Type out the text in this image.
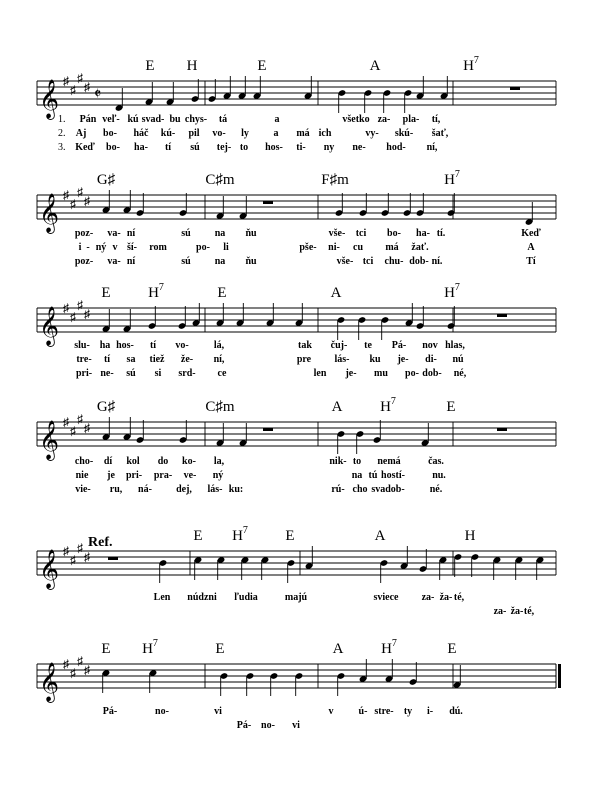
𝄞 ♯
♯
♯
♯ 𝄵
E H	E	A	$H^7$
1.
2.
3.
Pán veľ- kú svad- bu chys- tá	a	všetko za- pla- tí,
Aj bo- háč kú- pil vo- ly a má ich	vy- skú- šať,
Keď bo- ha- tí sú tej- to hos- ti- ny ne- hod- ní,
𝄞 ♯
♯
♯
♯
G♯	C♯m	F♯m	$H^7$
poz- va- ní	sú na ňu	vše- tci bo- ha- tí.	Keď
i - ný v ší- rom	po- li	pše- ni- cu má žať.	A
poz- va- ní	sú na ňu	vše- tci chu- dob- ní.	Tí
𝄞 ♯
♯
♯
♯
E $H^7$	E	A	$H^7$
slu- ha hos- tí vo-	lá,	tak čuj- te Pá- nov hlas,
tre- tí sa tiež že- ní,	pre lás- ku je- di- nú
pri- ne- sú si srd- ce	len je- mu po- dob- né,
𝄞 ♯
♯
♯
♯
G♯	C♯m	A	$H^7$	E
cho- dí kol do ko- la,	nik- to nemá	čas.
nie je pri- pra- ve- ný	na tú hostí-	nu.
vie- ru, ná- dej, lás- ku:	rú- cho svadob-	né.
𝄞 ♯
♯
♯
♯
E $H^7$ E	A	H
Ref.
Len núdzni ľudia	majú	sviece za- ža- té,
za- ža- té,
𝄞 ♯
♯
♯
♯
E $H^7$	E	A	$H^7$	E
Pá-	no-	vi	v	ú- stre- ty i- dú.
Pá- no- vi
